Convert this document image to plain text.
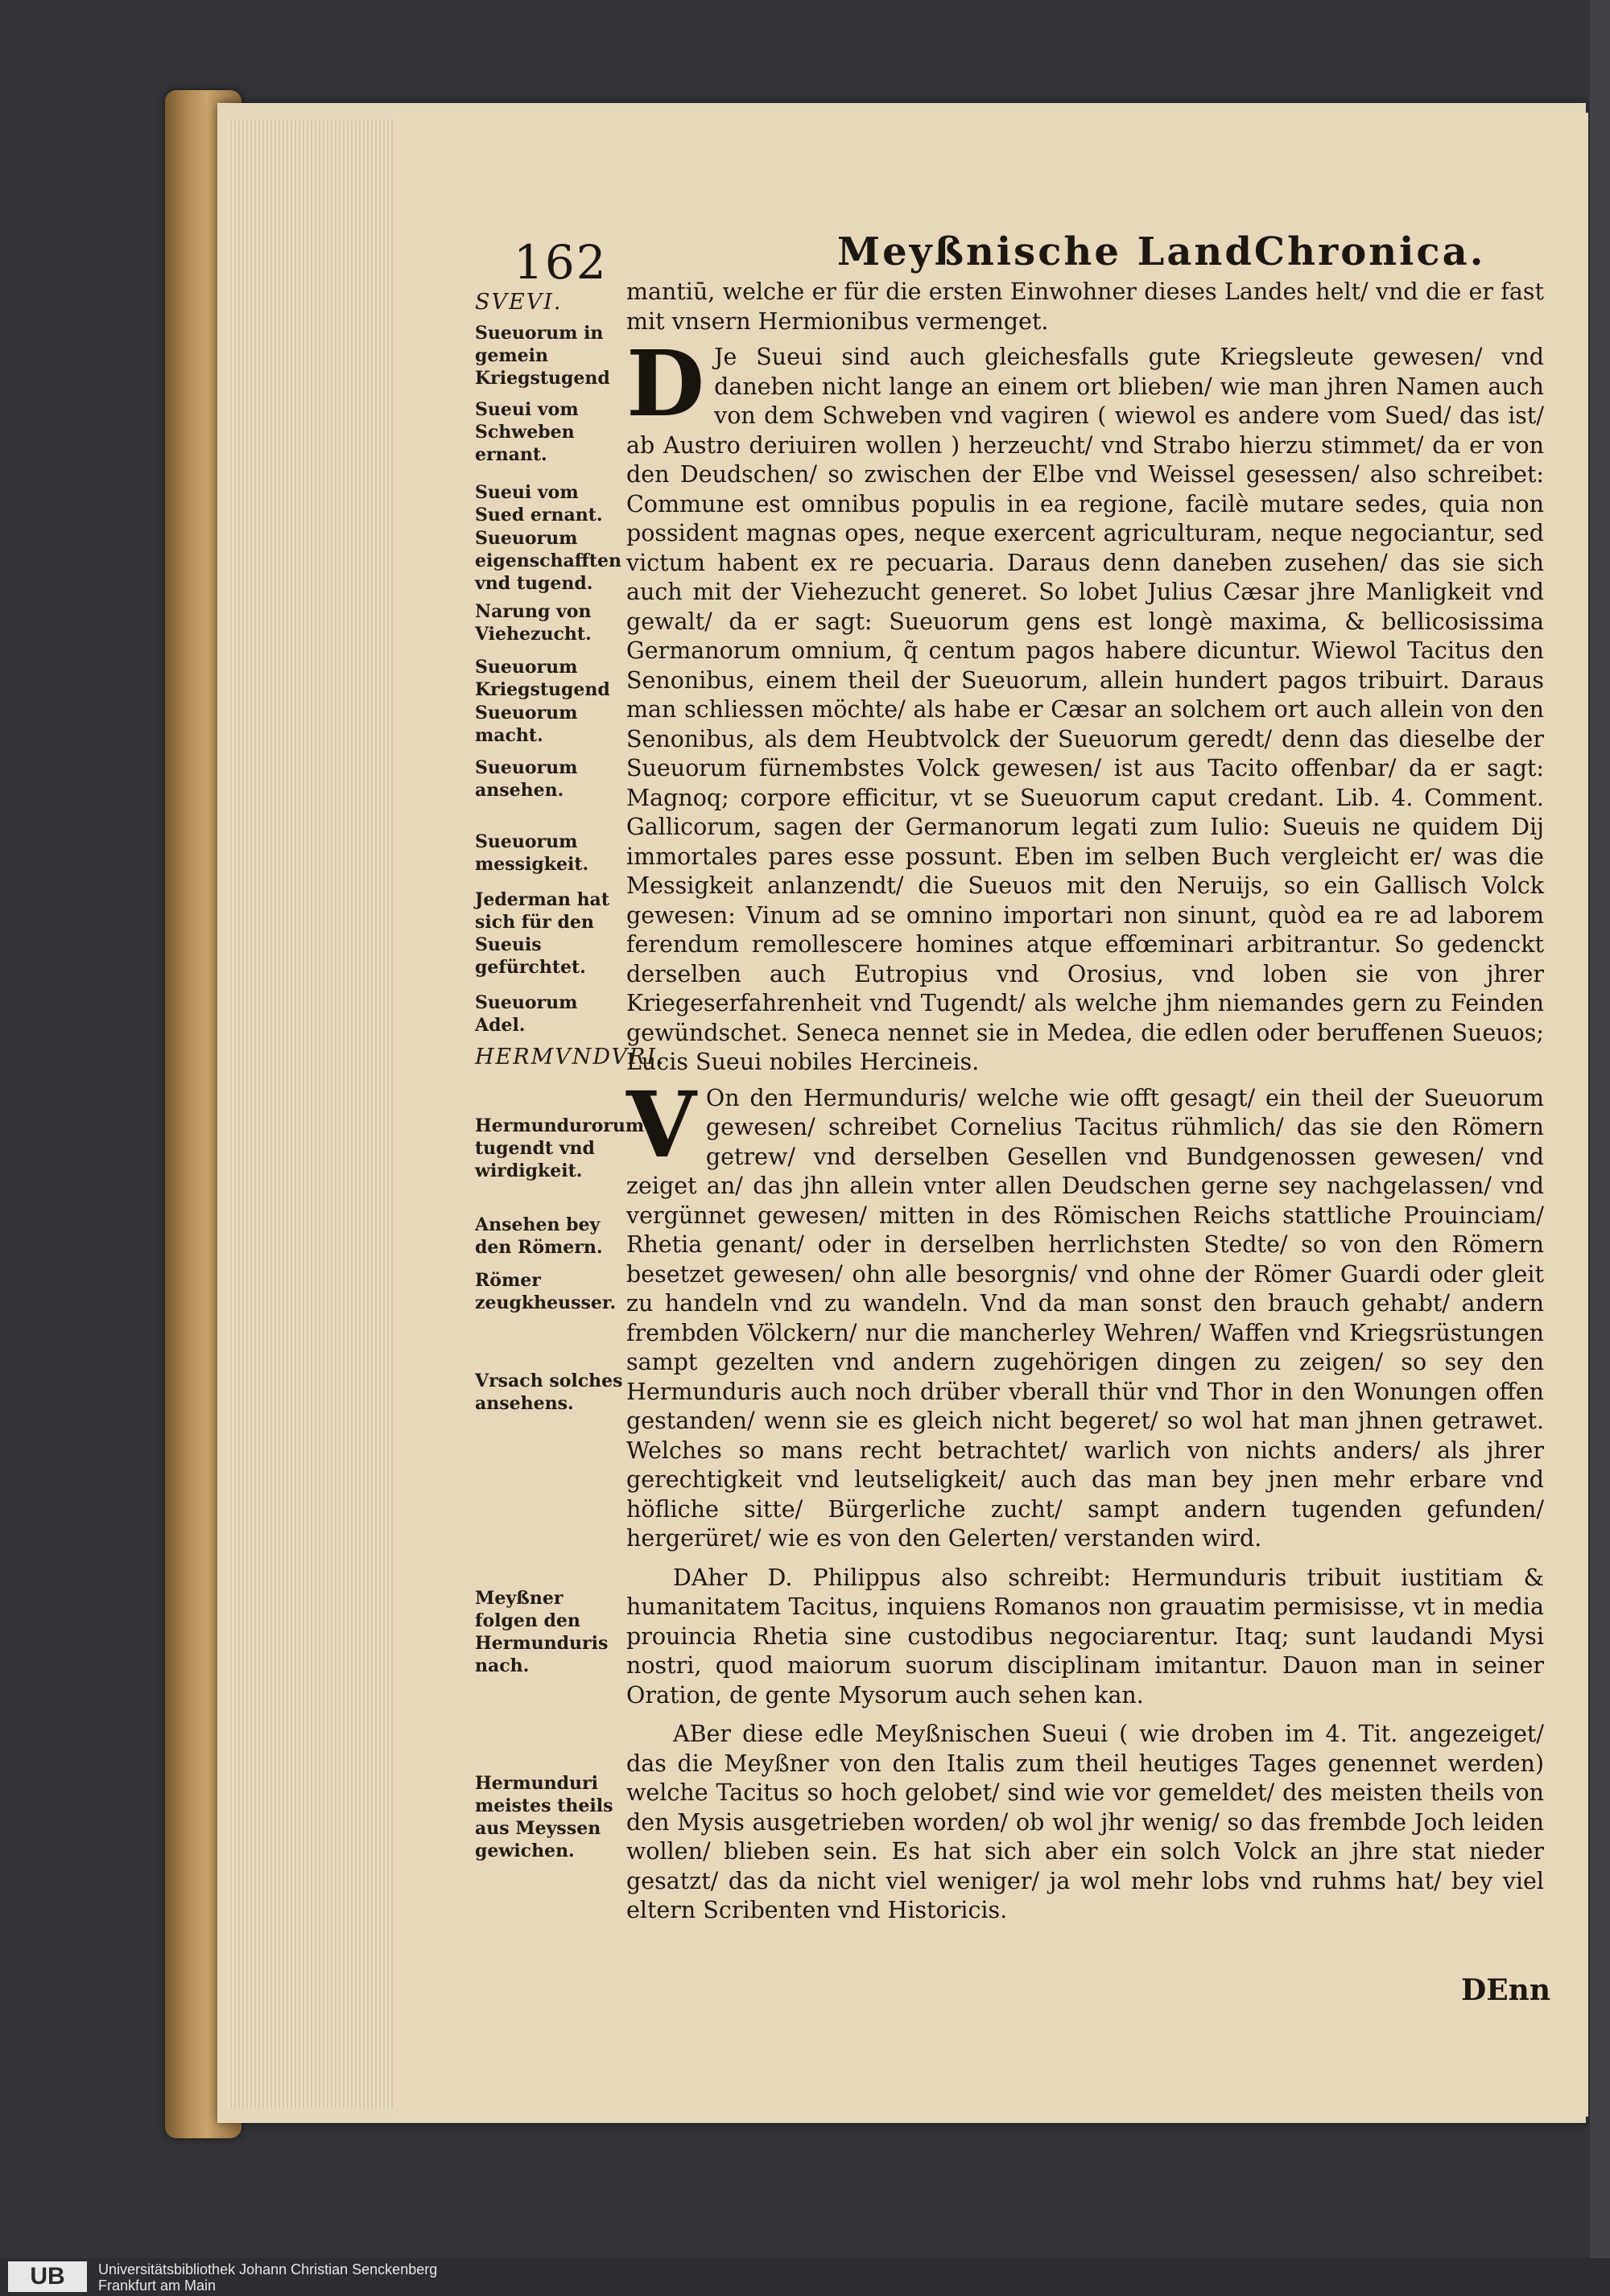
162	Meyßnische LandChronica.
SVEVI.
Sueuorum in gemein Kriegstugend
Sueui vom Schweben ernant.
Sueui vom Sued ernant.
Sueuorum eigenschafften vnd tugend.
Narung von Viehezucht.
Sueuorum Kriegstugend
Sueuorum macht.
Sueuorum ansehen.
Sueuorum messigkeit.
Jederman hat sich für den Sueuis gefürchtet.
Sueuorum Adel.
HERMVNDVRI.
Hermundurorum tugendt vnd wirdigkeit.
Ansehen bey den Römern.
Römer zeugkheusser.
Vrsach solches ansehens.
Meyßner folgen den Hermunduris nach.
Hermunduri meistes theils aus Meyssen gewichen.

mantiū, welche er für die ersten Einwohner dieses Landes helt/ vnd die er fast mit vnsern Hermionibus vermenget.

D Je Sueui sind auch gleichesfalls gute Kriegsleute gewesen/ vnd daneben nicht lange an einem ort blieben/ wie man jhren Namen auch von dem Schweben vnd vagiren ( wiewol es andere vom Sued/ das ist/ ab Austro deriuiren wollen ) herzeucht/ vnd Strabo hierzu stimmet/ da er von den Deudschen/ so zwischen der Elbe vnd Weissel gesessen/ also schreibet: Commune est omnibus populis in ea regione, facilè mutare sedes, quia non possident magnas opes, neque exercent agriculturam, neque negociantur, sed victum habent ex re pecuaria. Daraus denn daneben zusehen/ das sie sich auch mit der Viehezucht generet. So lobet Julius Cæsar jhre Manligkeit vnd gewalt/ da er sagt: Sueuorum gens est longè maxima, & bellicosissima Germanorum omnium, q̃ centum pagos habere dicuntur. Wiewol Tacitus den Senonibus, einem theil der Sueuorum, allein hundert pagos tribuirt. Daraus man schliessen möchte/ als habe er Cæsar an solchem ort auch allein von den Senonibus, als dem Heubtvolck der Sueuorum geredt/ denn das dieselbe der Sueuorum fürnembstes Volck gewesen/ ist aus Tacito offenbar/ da er sagt: Magnoq; corpore efficitur, vt se Sueuorum caput credant. Lib. 4. Comment. Gallicorum, sagen der Germanorum legati zum Iulio: Sueuis ne quidem Dij immortales pares esse possunt. Eben im selben Buch vergleicht er/ was die Messigkeit anlanzendt/ die Sueuos mit den Neruijs, so ein Gallisch Volck gewesen: Vinum ad se omnino importari non sinunt, quòd ea re ad laborem ferendum remollescere homines atque effœminari arbitrantur. So gedenckt derselben auch Eutropius vnd Orosius, vnd loben sie von jhrer Kriegeserfahrenheit vnd Tugendt/ als welche jhm niemandes gern zu Feinden gewündschet. Seneca nennet sie in Medea, die edlen oder beruffenen Sueuos; Lucis Sueui nobiles Hercineis.

V On den Hermunduris/ welche wie offt gesagt/ ein theil der Sueuorum gewesen/ schreibet Cornelius Tacitus rühmlich/ das sie den Römern getrew/ vnd derselben Gesellen vnd Bundgenossen gewesen/ vnd zeiget an/ das jhn allein vnter allen Deudschen gerne sey nachgelassen/ vnd vergünnet gewesen/ mitten in des Römischen Reichs stattliche Prouinciam/ Rhetia genant/ oder in derselben herrlichsten Stedte/ so von den Römern besetzet gewesen/ ohn alle besorgnis/ vnd ohne der Römer Guardi oder gleit zu handeln vnd zu wandeln. Vnd da man sonst den brauch gehabt/ andern frembden Völckern/ nur die mancherley Wehren/ Waffen vnd Kriegsrüstungen sampt gezelten vnd andern zugehörigen dingen zu zeigen/ so sey den Hermunduris auch noch drüber vberall thür vnd Thor in den Wonungen offen gestanden/ wenn sie es gleich nicht begeret/ so wol hat man jhnen getrawet. Welches so mans recht betrachtet/ warlich von nichts anders/ als jhrer gerechtigkeit vnd leutseligkeit/ auch das man bey jnen mehr erbare vnd höfliche sitte/ Bürgerliche zucht/ sampt andern tugenden gefunden/ hergerüret/ wie es von den Gelerten/ verstanden wird.

DAher D. Philippus also schreibt: Hermunduris tribuit iustitiam & humanitatem Tacitus, inquiens Romanos non grauatim permisisse, vt in media prouincia Rhetia sine custodibus negociarentur. Itaq; sunt laudandi Mysi nostri, quod maiorum suorum disciplinam imitantur. Dauon man in seiner Oration, de gente Mysorum auch sehen kan.

ABer diese edle Meyßnischen Sueui ( wie droben im 4. Tit. angezeiget/ das die Meyßner von den Italis zum theil heutiges Tages genennet werden) welche Tacitus so hoch gelobet/ sind wie vor gemeldet/ des meisten theils von den Mysis ausgetrieben worden/ ob wol jhr wenig/ so das frembde Joch leiden wollen/ blieben sein. Es hat sich aber ein solch Volck an jhre stat nieder gesatzt/ das da nicht viel weniger/ ja wol mehr lobs vnd ruhms hat/ bey viel eltern Scribenten vnd Historicis.

DEnn
UB	Universitätsbibliothek Johann Christian Senckenberg
Frankfurt am Main
